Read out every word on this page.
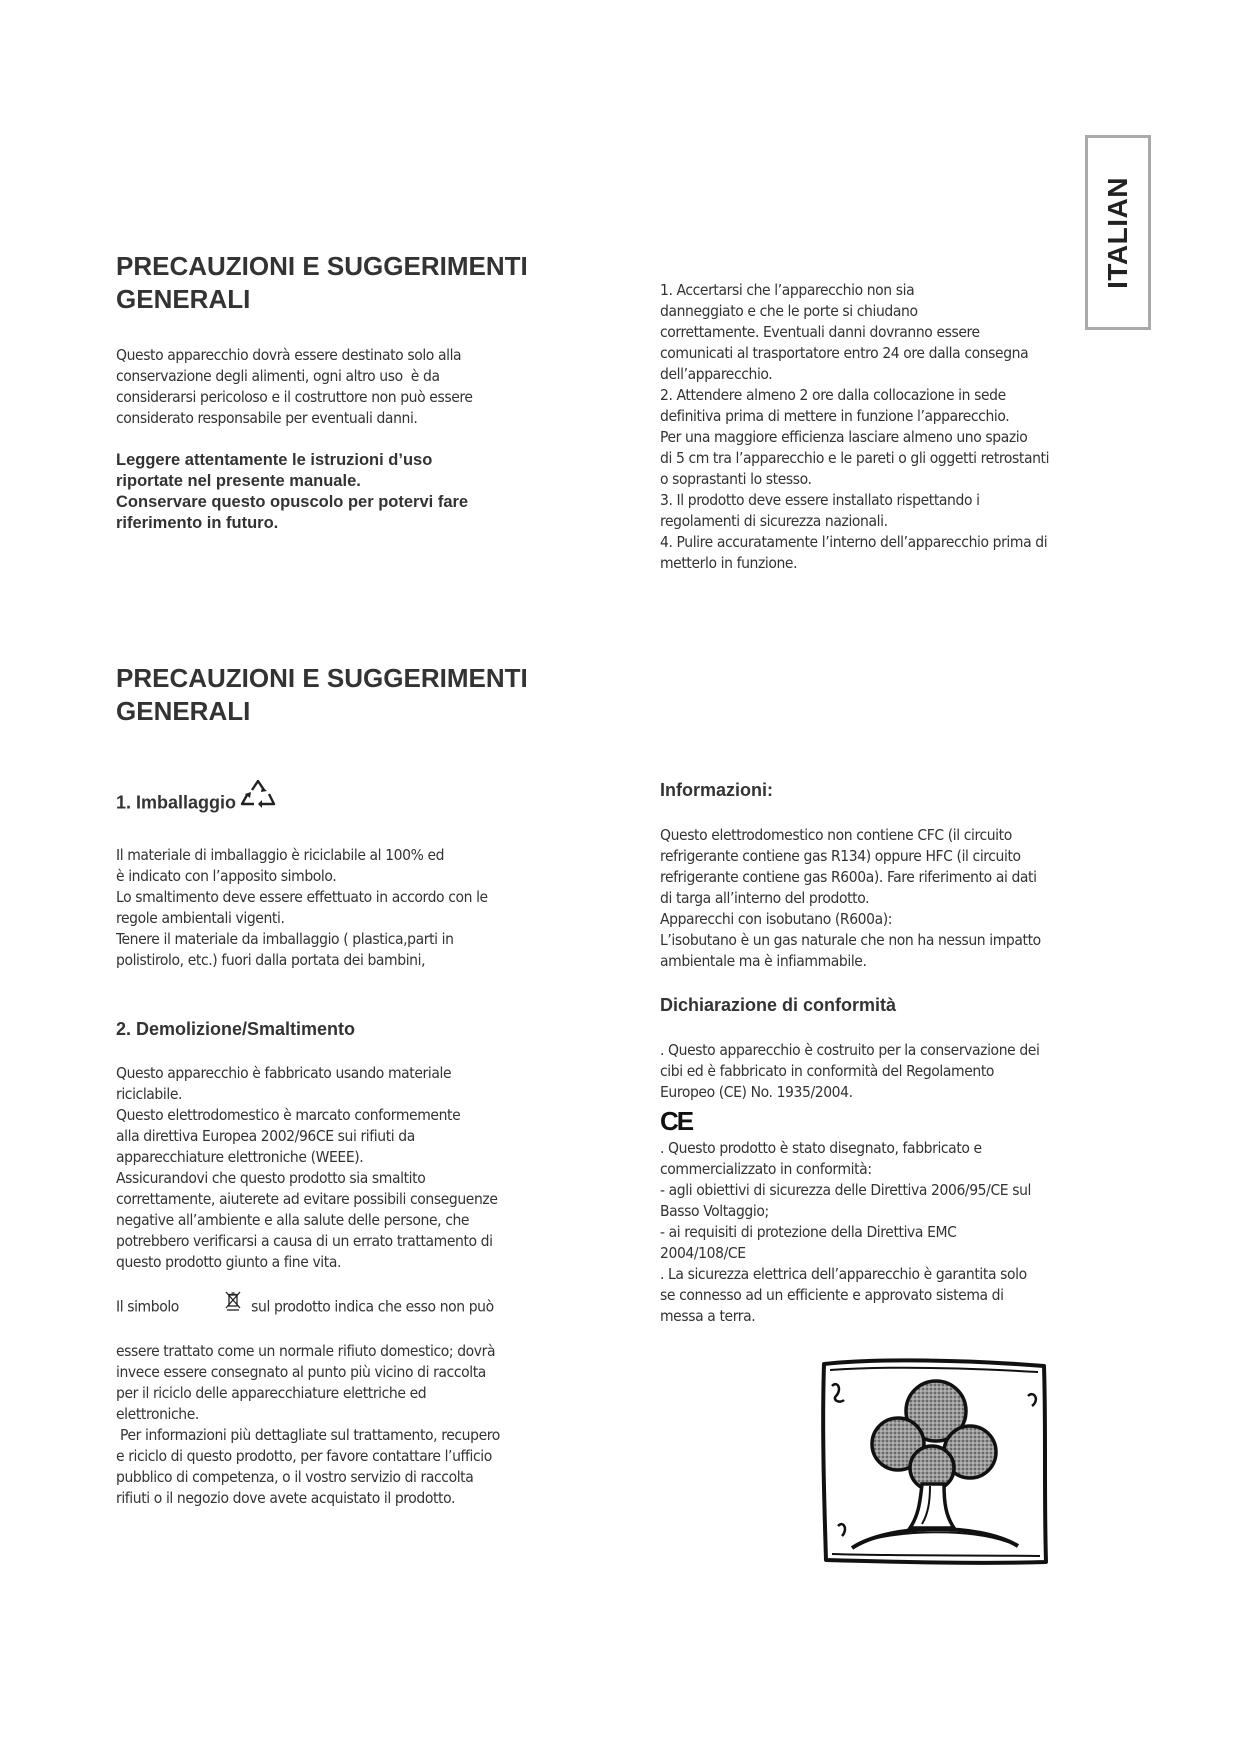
ITALIAN
PRECAUZIONI E SUGGERIMENTI
GENERALI
Questo apparecchio dovrà essere destinato solo alla
conservazione degli alimenti, ogni altro uso  è da
considerarsi pericoloso e il costruttore non può essere
considerato responsabile per eventuali danni.
Leggere attentamente le istruzioni d’uso
riportate nel presente manuale.
Conservare questo opuscolo per potervi fare
riferimento in futuro.
1. Accertarsi che l’apparecchio non sia
danneggiato e che le porte si chiudano
correttamente. Eventuali danni dovranno essere
comunicati al trasportatore entro 24 ore dalla consegna
dell’apparecchio.
2. Attendere almeno 2 ore dalla collocazione in sede
definitiva prima di mettere in funzione l’apparecchio.
Per una maggiore efficienza lasciare almeno uno spazio
di 5 cm tra l’apparecchio e le pareti o gli oggetti retrostanti
o soprastanti lo stesso.
3. Il prodotto deve essere installato rispettando i
regolamenti di sicurezza nazionali.
4. Pulire accuratamente l’interno dell’apparecchio prima di
metterlo in funzione.
PRECAUZIONI E SUGGERIMENTI
GENERALI
1. Imballaggio
Il materiale di imballaggio è riciclabile al 100% ed
è indicato con l’apposito simbolo.
Lo smaltimento deve essere effettuato in accordo con le
regole ambientali vigenti.
Tenere il materiale da imballaggio ( plastica,parti in
polistirolo, etc.) fuori dalla portata dei bambini,
2. Demolizione/Smaltimento
Questo apparecchio è fabbricato usando materiale
riciclabile.
Questo elettrodomestico è marcato conformemente
alla direttiva Europea 2002/96CE sui rifiuti da
apparecchiature elettroniche (WEEE).
Assicurandovi che questo prodotto sia smaltito
correttamente, aiuterete ad evitare possibili conseguenze
negative all’ambiente e alla salute delle persone, che
potrebbero verificarsi a causa di un errato trattamento di
questo prodotto giunto a fine vita.
Il simbolo
	sul prodotto indica che esso non può
essere trattato come un normale rifiuto domestico; dovrà
invece essere consegnato al punto più vicino di raccolta
per il riciclo delle apparecchiature elettriche ed
elettroniche.
Per informazioni più dettagliate sul trattamento, recupero
e riciclo di questo prodotto, per favore contattare l’ufficio
pubblico di competenza, o il vostro servizio di raccolta
rifiuti o il negozio dove avete acquistato il prodotto.
Informazioni:
Questo elettrodomestico non contiene CFC (il circuito
refrigerante contiene gas R134) oppure HFC (il circuito
refrigerante contiene gas R600a). Fare riferimento ai dati
di targa all’interno del prodotto.
Apparecchi con isobutano (R600a):
L’isobutano è un gas naturale che non ha nessun impatto
ambientale ma è infiammabile.
Dichiarazione di conformità
. Questo apparecchio è costruito per la conservazione dei
cibi ed è fabbricato in conformità del Regolamento
Europeo (CE) No. 1935/2004.
CE
. Questo prodotto è stato disegnato, fabbricato e
commercializzato in conformità:
- agli obiettivi di sicurezza delle Direttiva 2006/95/CE sul
Basso Voltaggio;
- ai requisiti di protezione della Direttiva EMC
2004/108/CE
. La sicurezza elettrica dell’apparecchio è garantita solo
se connesso ad un efficiente e approvato sistema di
messa a terra.
